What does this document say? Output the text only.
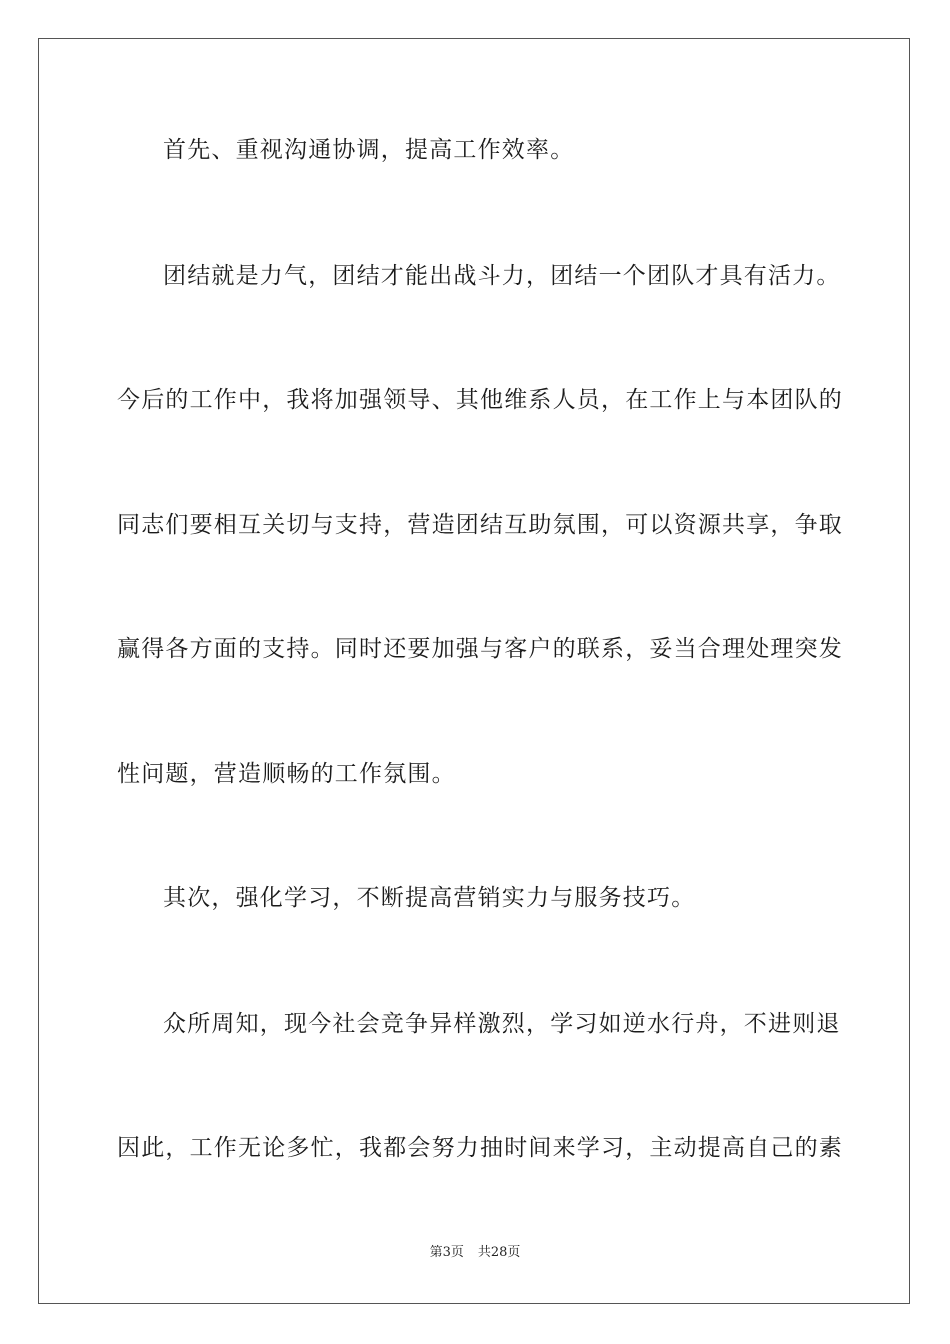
首先、重视沟通协调，提高工作效率。
团结就是力气，团结才能出战斗力，团结一个团队才具有活力。
今后的工作中，我将加强领导、其他维系人员，在工作上与本团队的
同志们要相互关切与支持，营造团结互助氛围，可以资源共享，争取
赢得各方面的支持。同时还要加强与客户的联系，妥当合理处理突发
性问题，营造顺畅的工作氛围。
其次，强化学习，不断提高营销实力与服务技巧。
众所周知，现今社会竞争异样激烈，学习如逆水行舟，不进则退
因此，工作无论多忙，我都会努力抽时间来学习，主动提高自己的素
第3页 共28页
